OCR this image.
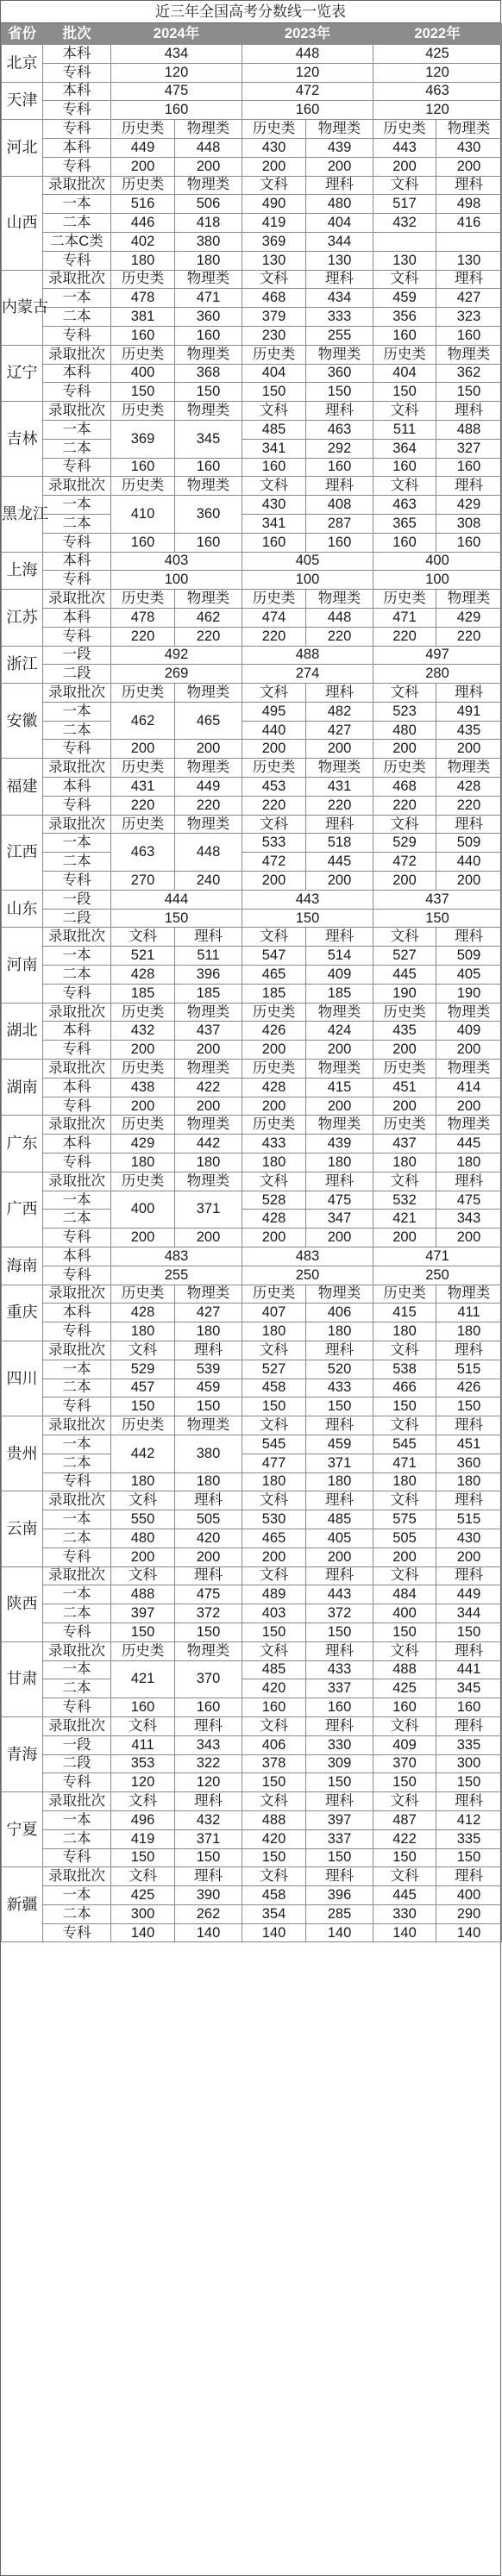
近三年全国高考分数线一览表
省份	批次	2024年		2023年		2022年	
北京	本科	434		448		425	
	专科	120		120		120	
天津	本科	475		472		463	
	专科	160		160		120	
河北	专科	历史类	物理类	历史类	物理类	历史类	物理类
	本科	449	448	430	439	443	430
	专科	200	200	200	200	200	200
山西	录取批次	历史类	物理类	文科	理科	文科	理科
	一本	516	506	490	480	517	498
	二本	446	418	419	404	432	416
	二本C类	402	380	369	344		
	专科	180	180	130	130	130	130
内蒙古	录取批次	历史类	物理类	文科	理科	文科	理科
	一本	478	471	468	434	459	427
	二本	381	360	379	333	356	323
	专科	160	160	230	255	160	160
辽宁	录取批次	历史类	物理类	历史类	物理类	历史类	物理类
	本科	400	368	404	360	404	362
	专科	150	150	150	150	150	150
吉林	录取批次	历史类	物理类	文科	理科	文科	理科
	一本	369	345	485	463	511	488
	二本			341	292	364	327
	专科	160	160	160	160	160	160
黑龙江	录取批次	历史类	物理类	文科	理科	文科	理科
	一本	410	360	430	408	463	429
	二本			341	287	365	308
	专科	160	160	160	160	160	160
上海	本科	403		405		400	
	专科	100		100		100	
江苏	录取批次	历史类	物理类	历史类	物理类	历史类	物理类
	本科	478	462	474	448	471	429
	专科	220	220	220	220	220	220
浙江	一段	492		488		497	
	二段	269		274		280	
安徽	录取批次	历史类	物理类	文科	理科	文科	理科
	一本	462	465	495	482	523	491
	二本			440	427	480	435
	专科	200	200	200	200	200	200
福建	录取批次	历史类	物理类	历史类	物理类	历史类	物理类
	本科	431	449	453	431	468	428
	专科	220	220	220	220	220	220
江西	录取批次	历史类	物理类	文科	理科	文科	理科
	一本	463	448	533	518	529	509
	二本			472	445	472	440
	专科	270	240	200	200	200	200
山东	一段	444		443		437	
	二段	150		150		150	
河南	录取批次	文科	理科	文科	理科	文科	理科
	一本	521	511	547	514	527	509
	二本	428	396	465	409	445	405
	专科	185	185	185	185	190	190
湖北	录取批次	历史类	物理类	历史类	物理类	历史类	物理类
	本科	432	437	426	424	435	409
	专科	200	200	200	200	200	200
湖南	录取批次	历史类	物理类	历史类	物理类	历史类	物理类
	本科	438	422	428	415	451	414
	专科	200	200	200	200	200	200
广东	录取批次	历史类	物理类	历史类	物理类	历史类	物理类
	本科	429	442	433	439	437	445
	专科	180	180	180	180	180	180
广西	录取批次	历史类	物理类	文科	理科	文科	理科
	一本	400	371	528	475	532	475
	二本			428	347	421	343
	专科	200	200	200	200	200	200
海南	本科	483		483		471	
	专科	255		250		250	
重庆	录取批次	历史类	物理类	历史类	物理类	历史类	物理类
	本科	428	427	407	406	415	411
	专科	180	180	180	180	180	180
四川	录取批次	文科	理科	文科	理科	文科	理科
	一本	529	539	527	520	538	515
	二本	457	459	458	433	466	426
	专科	150	150	150	150	150	150
贵州	录取批次	历史类	物理类	文科	理科	文科	理科
	一本	442	380	545	459	545	451
	二本			477	371	471	360
	专科	180	180	180	180	180	180
云南	录取批次	文科	理科	文科	理科	文科	理科
	一本	550	505	530	485	575	515
	二本	480	420	465	405	505	430
	专科	200	200	200	200	200	200
陕西	录取批次	文科	理科	文科	理科	文科	理科
	一本	488	475	489	443	484	449
	二本	397	372	403	372	400	344
	专科	150	150	150	150	150	150
甘肃	录取批次	历史类	物理类	文科	理科	文科	理科
	一本	421	370	485	433	488	441
	二本			420	337	425	345
	专科	160	160	160	160	160	160
青海	录取批次	文科	理科	文科	理科	文科	理科
	一段	411	343	406	330	409	335
	二段	353	322	378	309	370	300
	专科	120	120	150	150	150	150
宁夏	录取批次	文科	理科	文科	理科	文科	理科
	一本	496	432	488	397	487	412
	二本	419	371	420	337	422	335
	专科	150	150	150	150	150	150
新疆	录取批次	文科	理科	文科	理科	文科	理科
	一本	425	390	458	396	445	400
	二本	300	262	354	285	330	290
	专科	140	140	140	140	140	140
